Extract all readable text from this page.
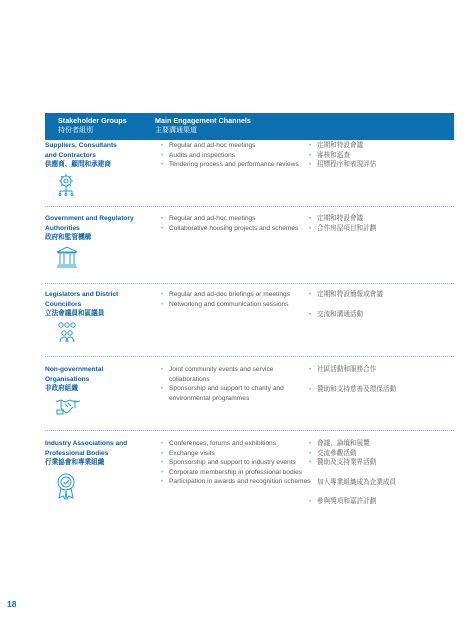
Stakeholder Groups
持份者組別
Main Engagement Channels
主要溝通渠道
Suppliers, Consultants
and Contractors
供應商、顧問和承建商
• Regular and ad-hoc meetings
• Audits and inspections
• Tendering process and performance reviews
• 定期和特設會議
• 審核和巡查
• 招標程序和表現評估
Government and Regulatory
Authorities
政府和監管機構
• Regular and ad-hoc meetings
• Collaborative housing projects and schemes
• 定期和特設會議
• 合作房屋項目和計劃
Legislators and District
Councillors
立法會議員和區議員
• Regular and ad-doc briefings or meetings
• Networking and communication sessions
• 定期和特設簡報或會議
• 交流和溝通活動
Non-governmental
Organisations
非政府組織
• Joint community events and service collaborations
• Sponsorship and support to charity and environmental programmes
• 社區活動和服務合作
• 贊助和支持慈善及環保活動
Industry Associations and
Professional Bodies
行業協會和專業組織
• Conferences, forums and exhibitions
• Exchange visits
• Sponsorship and support to industry events
• Corporate membership in professional bodies
• Participation in awards and recognition schemes
• 會議、論壇和展覽
• 交流參觀活動
• 贊助及支持業界活動
• 加入專業組織成為企業成員
• 參與獎項和嘉許計劃
18
